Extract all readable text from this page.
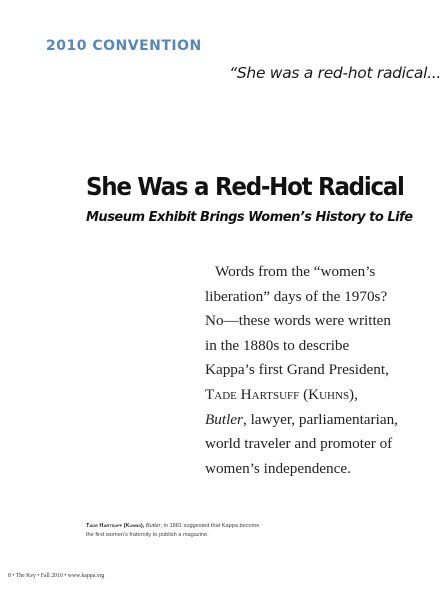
2010 CONVENTION
“She was a red-hot radical...
She Was a Red-Hot Radical
Museum Exhibit Brings Women’s History to Life
Words from the “women’s
liberation” days of the 1970s?
No—these words were written
in the 1880s to describe
Kappa’s first Grand President,
Tade Hartsuff (Kuhns),
Butler, lawyer, parliamentarian,
world traveler and promoter of
women’s independence.
Tade Hartsuff (Kuhns), Butler, in 1881 suggested that Kappa become
the first women’s fraternity to publish a magazine.
8 • The Key • Fall 2010 • www.kappa.org
